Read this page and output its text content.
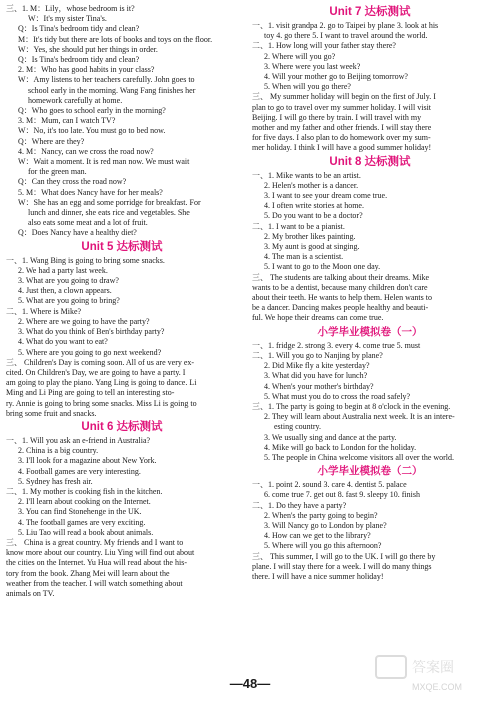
三、1. M：Lily，whose bedroom is it?
W：It's my sister Tina's.
Q：Is Tina's bedroom tidy and clean?
M：It's tidy but there are lots of books and toys on the floor.
W：Yes, she should put her things in order.
Q：Is Tina's bedroom tidy and clean?
2. M：Who has good habits in your class?
W：Amy listens to her teachers carefully. John goes to
school early in the morning. Wang Fang finishes her
homework carefully at home.
Q：Who goes to school early in the morning?
3. M：Mum, can I watch TV?
W：No, it's too late. You must go to bed now.
Q：Where are they?
4. M：Nancy, can we cross the road now?
W：Wait a moment. It is red man now. We must wait
for the green man.
Q：Can they cross the road now?
5. M：What does Nancy have for her meals?
W：She has an egg and some porridge for breakfast. For
lunch and dinner, she eats rice and vegetables. She
also eats some meat and a lot of fruit.
Q：Does Nancy have a healthy diet?
Unit 5 达标测试
一、1. Wang Bing is going to bring some snacks.
2. We had a party last week.
3. What are you going to draw?
4. Just then, a clown appears.
5. What are you going to bring?
二、1. Where is Mike?
2. Where are we going to have the party?
3. What do you think of Ben's birthday party?
4. What do you want to eat?
5. Where are you going to go next weekend?
三、 Children's Day is coming soon. All of us are very ex-
cited. On Children's Day, we are going to have a party. I
am going to play the piano. Yang Ling is going to dance. Li
Ming and Li Ping are going to tell an interesting sto-
ry. Annie is going to bring some snacks. Miss Li is going to
bring some fruit and snacks.
Unit 6 达标测试
一、1. Will you ask an e-friend in Australia?
2. China is a big country.
3. I'll look for a magazine about New York.
4. Football games are very interesting.
5. Sydney has fresh air.
二、1. My mother is cooking fish in the kitchen.
2. I'll learn about cooking on the Internet.
3. You can find Stonehenge in the UK.
4. The football games are very exciting.
5. Liu Tao will read a book about animals.
三、 China is a great country. My friends and I want to
know more about our country. Liu Ying will find out about
the cities on the Internet. Yu Hua will read about the his-
tory from the book. Zhang Mei will learn about the
weather from the teacher. I will watch something about
animals on TV.
Unit 7 达标测试
一、1. visit grandpa 2. go to Taipei by plane 3. look at his
toy 4. go there 5. I want to travel around the world.
二、1. How long will your father stay there?
2. Where will you go?
3. Where were you last week?
4. Will your mother go to Beijing tomorrow?
5. When will you go there?
三、 My summer holiday will begin on the first of July. I
plan to go to travel over my summer holiday. I will visit
Beijing. I will go there by train. I will travel with my
mother and my father and other friends. I will stay there
for five days. I also plan to do homework over my sum-
mer holiday. I think I will have a good summer holiday!
Unit 8 达标测试
一、1. Mike wants to be an artist.
2. Helen's mother is a dancer.
3. I want to see your dream come true.
4. I often write stories at home.
5. Do you want to be a doctor?
二、1. I want to be a pianist.
2. My brother likes painting.
3. My aunt is good at singing.
4. The man is a scientist.
5. I want to go to the Moon one day.
三、 The students are talking about their dreams. Mike
wants to be a dentist, because many children don't care
about their teeth. He wants to help them. Helen wants to
be a dancer. Dancing makes people healthy and beauti-
ful. We hope their dreams can come true.
小学毕业模拟卷（一）
一、1. fridge 2. strong 3. every 4. come true 5. must
二、1. Will you go to Nanjing by plane?
2. Did Mike fly a kite yesterday?
3. What did you have for lunch?
4. When's your mother's birthday?
5. What must you do to cross the road safely?
三、1. The party is going to begin at 8 o'clock in the evening.
2. They will learn about Australia next week. It is an intere-
esting country.
3. We usually sing and dance at the party.
4. Mike will go back to London for the holiday.
5. The people in China welcome visitors all over the world.
小学毕业模拟卷（二）
一、1. point 2. sound 3. care 4. dentist 5. palace
6. come true 7. get out 8. fast 9. sleepy 10. finish
二、1. Do they have a party?
2. When's the party going to begin?
3. Will Nancy go to London by plane?
4. How can we get to the library?
5. Where will you go this afternoon?
三、 This summer, I will go to the UK. I will go there by
plane. I will stay there for a week. I will do many things
there. I will have a nice summer holiday!
—48—
答案圈
MXQE.COM
